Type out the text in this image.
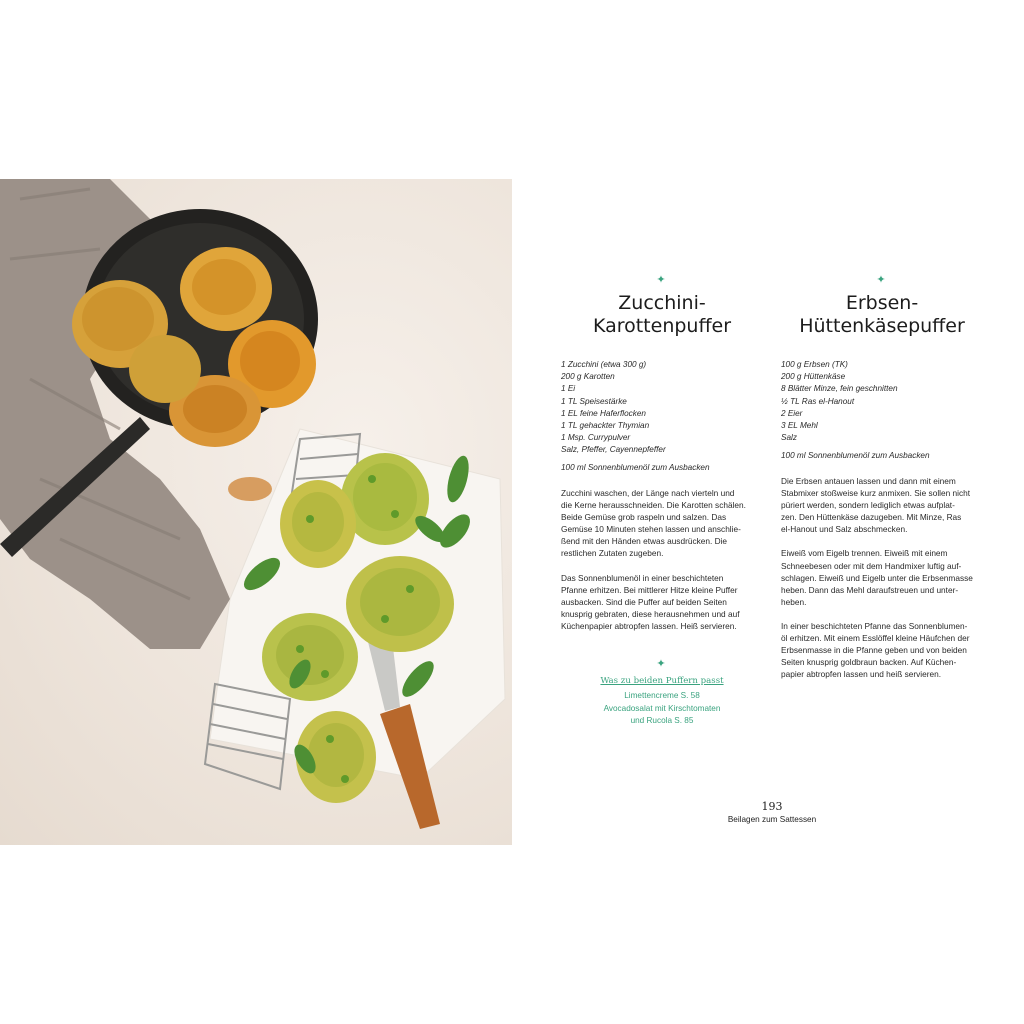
✦
Zucchini-
Karottenpuffer
1 Zucchini (etwa 300 g)
200 g Karotten
1 Ei
1 TL Speisestärke
1 EL feine Haferflocken
1 TL gehackter Thymian
1 Msp. Currypulver
Salz, Pfeffer, Cayennepfeffer
100 ml Sonnenblumenöl zum Ausbacken

Zucchini waschen, der Länge nach vierteln und
die Kerne herausschneiden. Die Karotten schälen.
Beide Gemüse grob raspeln und salzen. Das
Gemüse 10 Minuten stehen lassen und anschlie-
ßend mit den Händen etwas ausdrücken. Die
restlichen Zutaten zugeben.

Das Sonnenblumenöl in einer beschichteten
Pfanne erhitzen. Bei mittlerer Hitze kleine Puffer
ausbacken. Sind die Puffer auf beiden Seiten
knusprig gebraten, diese herausnehmen und auf
Küchenpapier abtropfen lassen. Heiß servieren.

✦
Was zu beiden Puffern passt
Limettencreme S. 58
Avocadosalat mit Kirschtomaten
und Rucola S. 85
✦
Erbsen-
Hüttenkäsepuffer
100 g Erbsen (TK)
200 g Hüttenkäse
8 Blätter Minze, fein geschnitten
½ TL Ras el-Hanout
2 Eier
3 EL Mehl
Salz
100 ml Sonnenblumenöl zum Ausbacken

Die Erbsen antauen lassen und dann mit einem
Stabmixer stoßweise kurz anmixen. Sie sollen nicht
püriert werden, sondern lediglich etwas aufplat-
zen. Den Hüttenkäse dazugeben. Mit Minze, Ras
el-Hanout und Salz abschmecken.

Eiweiß vom Eigelb trennen. Eiweiß mit einem
Schneebesen oder mit dem Handmixer luftig auf-
schlagen. Eiweiß und Eigelb unter die Erbsenmasse
heben. Dann das Mehl daraufstreuen und unter-
heben.

In einer beschichteten Pfanne das Sonnenblumen-
öl erhitzen. Mit einem Esslöffel kleine Häufchen der
Erbsenmasse in die Pfanne geben und von beiden
Seiten knusprig goldbraun backen. Auf Küchen-
papier abtropfen lassen und heiß servieren.

193
Beilagen zum Sattessen
